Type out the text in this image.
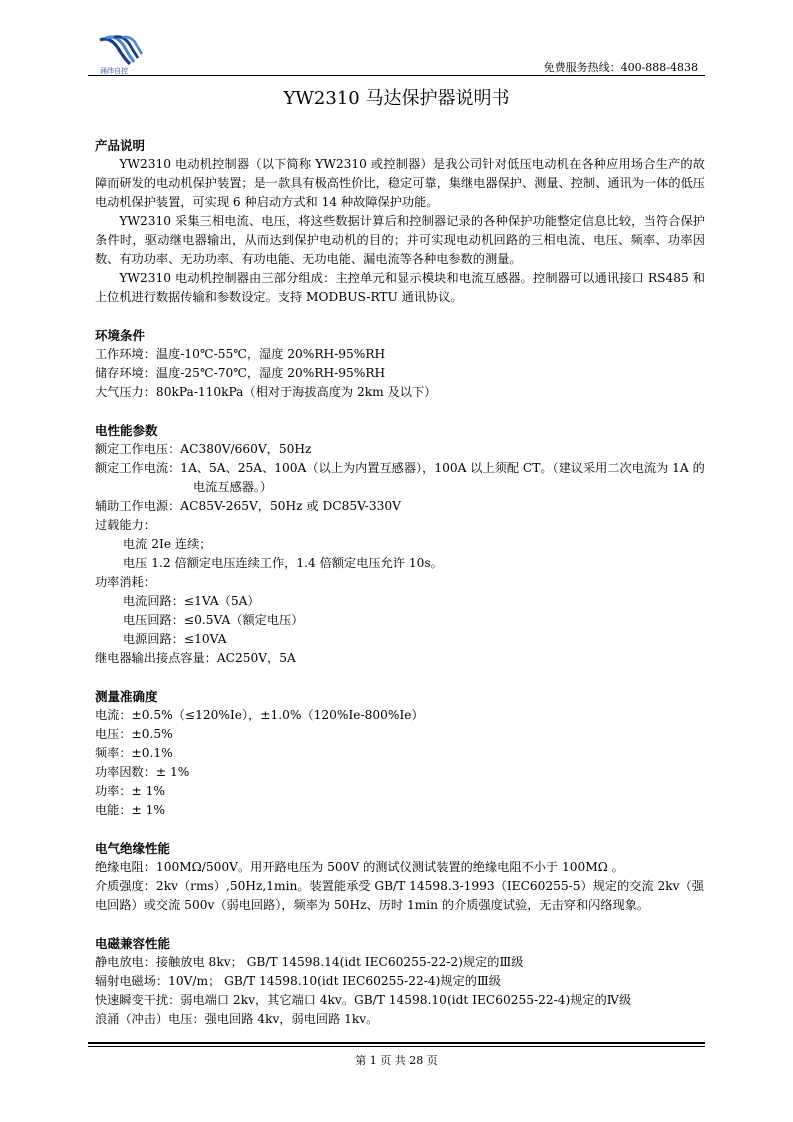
涌纬自控	免费服务热线：400-888-4838
YW2310 马达保护器说明书
产品说明
YW2310 电动机控制器（以下简称 YW2310 或控制器）是我公司针对低压电动机在各种应用场合生产的故障而研发的电动机保护装置；是一款具有极高性价比，稳定可靠，集继电器保护、测量、控制、通讯为一体的低压电动机保护装置，可实现 6 种启动方式和 14 种故障保护功能。
YW2310 采集三相电流、电压，将这些数据计算后和控制器记录的各种保护功能整定信息比较，当符合保护条件时，驱动继电器输出，从而达到保护电动机的目的；并可实现电动机回路的三相电流、电压、频率、功率因数、有功功率、无功功率、有功电能、无功电能、漏电流等各种电参数的测量。
YW2310 电动机控制器由三部分组成：主控单元和显示模块和电流互感器。控制器可以通讯接口 RS485 和上位机进行数据传输和参数设定。支持 MODBUS-RTU 通讯协议。
环境条件
工作环境：温度-10℃-55℃，湿度 20%RH-95%RH
储存环境：温度-25℃-70℃，湿度 20%RH-95%RH
大气压力：80kPa-110kPa（相对于海拔高度为 2km 及以下）
电性能参数
额定工作电压：AC380V/660V，50Hz
额定工作电流：1A、5A、25A、100A（以上为内置互感器），100A 以上须配 CT。（建议采用二次电流为 1A 的电流互感器。）
辅助工作电源：AC85V-265V，50Hz 或 DC85V-330V
过载能力：
电流 2Ie 连续；
电压 1.2 倍额定电压连续工作，1.4 倍额定电压允许 10s。
功率消耗：
电流回路：≤1VA（5A）
电压回路：≤0.5VA（额定电压）
电源回路：≤10VA
继电器输出接点容量：AC250V，5A
测量准确度
电流：±0.5%（≤120%Ie），±1.0%（120%Ie-800%Ie）
电压：±0.5%
频率：±0.1%
功率因数：± 1%
功率：± 1%
电能：± 1%
电气绝缘性能
绝缘电阻：100MΩ/500V。用开路电压为 500V 的测试仪测试装置的绝缘电阻不小于 100MΩ 。
介质强度：2kv（rms）,50Hz,1min。装置能承受 GB/T 14598.3-1993（IEC60255-5）规定的交流 2kv（强电回路）或交流 500v（弱电回路），频率为 50Hz、历时 1min 的介质强度试验，无击穿和闪络现象。
电磁兼容性能
静电放电：接触放电 8kv； GB/T 14598.14(idt IEC60255-22-2)规定的Ⅲ级
辐射电磁场：10V/m； GB/T 14598.10(idt IEC60255-22-4)规定的Ⅲ级
快速瞬变干扰：弱电端口 2kv，其它端口 4kv。GB/T 14598.10(idt IEC60255-22-4)规定的Ⅳ级
浪涌（冲击）电压：强电回路 4kv，弱电回路 1kv。
第 1 页 共 28 页
